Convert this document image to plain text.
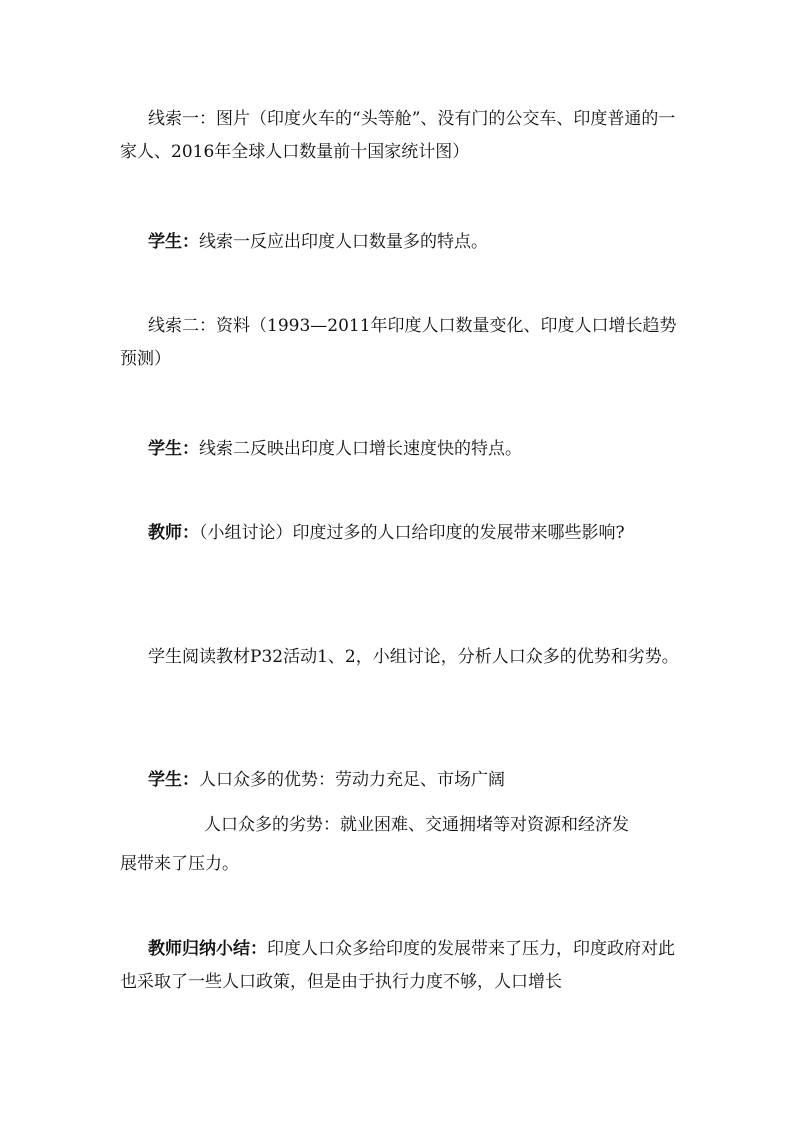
线索一：图片（印度火车的“头等舱”、没有门的公交车、印度普通的一家人、2016年全球人口数量前十国家统计图）

学生：线索一反应出印度人口数量多的特点。

线索二：资料（1993—2011年印度人口数量变化、印度人口增长趋势预测）

学生：线索二反映出印度人口增长速度快的特点。

教师：（小组讨论）印度过多的人口给印度的发展带来哪些影响?

学生阅读教材P32活动1、2，小组讨论，分析人口众多的优势和劣势。

学生：人口众多的优势：劳动力充足、市场广阔

人口众多的劣势：就业困难、交通拥堵等对资源和经济发

展带来了压力。

教师归纳小结：印度人口众多给印度的发展带来了压力，印度政府对此也采取了一些人口政策，但是由于执行力度不够，人口增长
